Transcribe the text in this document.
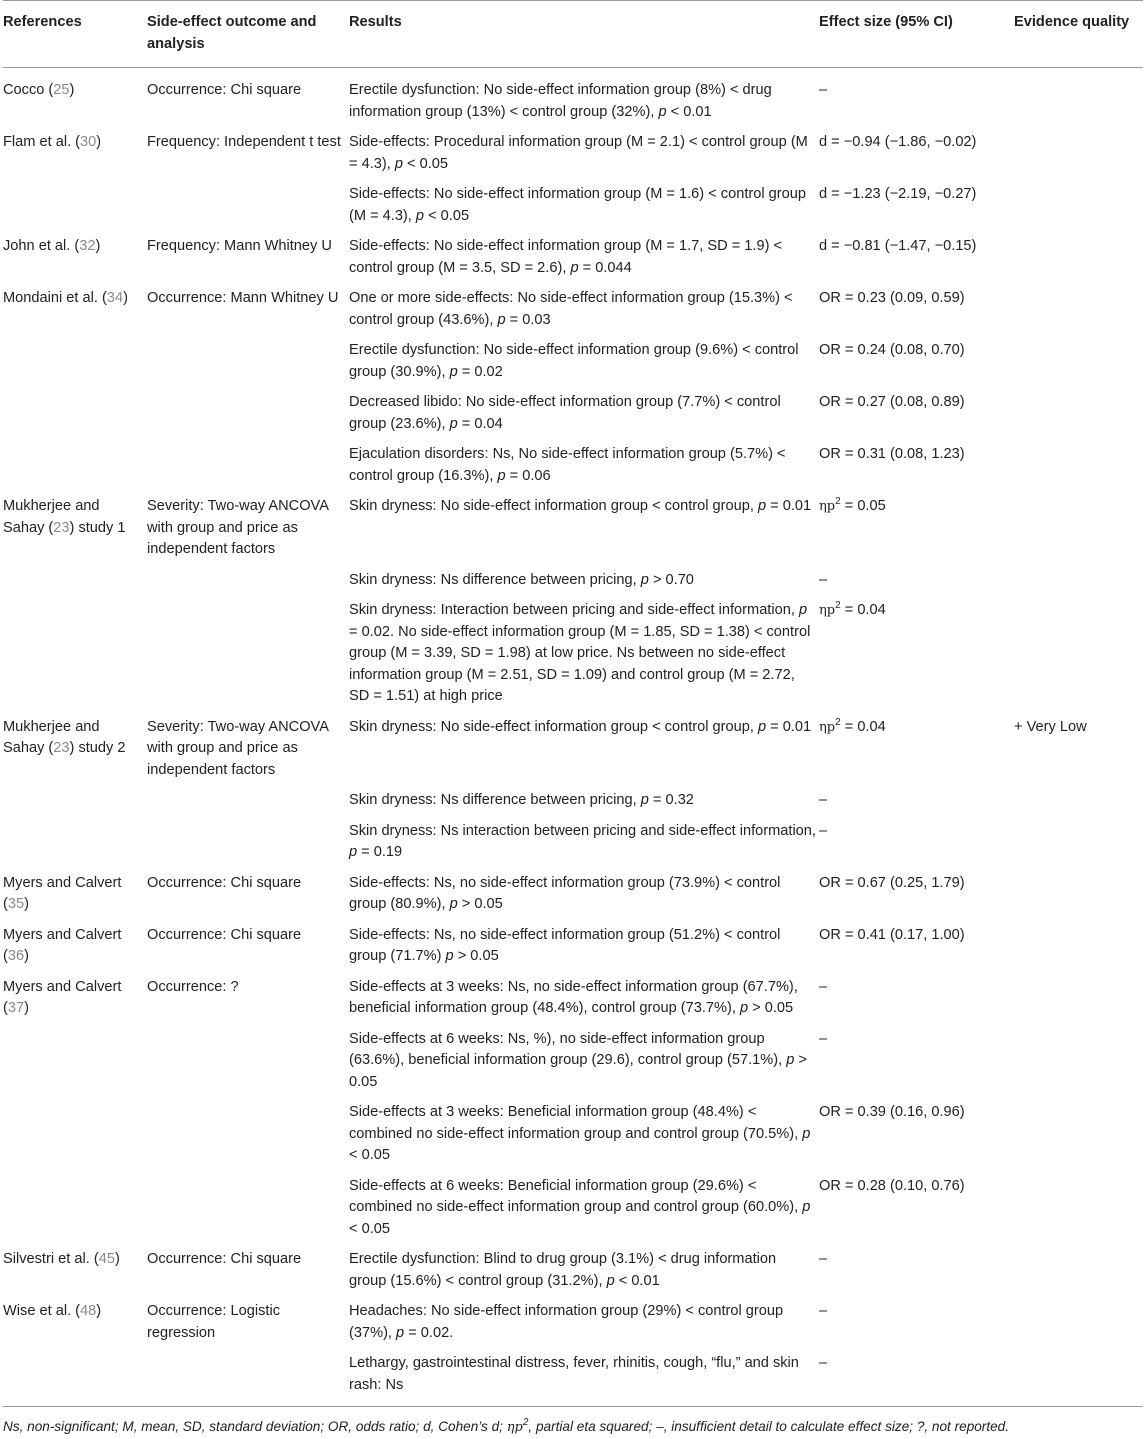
References	Side-effect outcome and analysis	Results	Effect size (95% CI)	Evidence quality
Cocco (25)	Occurrence: Chi square	Erectile dysfunction: No side-effect information group (8%) < drug information group (13%) < control group (32%), p < 0.01	–	
Flam et al. (30)	Frequency: Independent t test	Side-effects: Procedural information group (M = 2.1) < control group (M = 4.3), p < 0.05	d = −0.94 (−1.86, −0.02)	
		Side-effects: No side-effect information group (M = 1.6) < control group (M = 4.3), p < 0.05	d = −1.23 (−2.19, −0.27)	
John et al. (32)	Frequency: Mann Whitney U	Side-effects: No side-effect information group (M = 1.7, SD = 1.9) < control group (M = 3.5, SD = 2.6), p = 0.044	d = −0.81 (−1.47, −0.15)	
Mondaini et al. (34)	Occurrence: Mann Whitney U	One or more side-effects: No side-effect information group (15.3%) < control group (43.6%), p = 0.03	OR = 0.23 (0.09, 0.59)	
		Erectile dysfunction: No side-effect information group (9.6%) < control group (30.9%), p = 0.02	OR = 0.24 (0.08, 0.70)	
		Decreased libido: No side-effect information group (7.7%) < control group (23.6%), p = 0.04	OR = 0.27 (0.08, 0.89)	
		Ejaculation disorders: Ns, No side-effect information group (5.7%) < control group (16.3%), p = 0.06	OR = 0.31 (0.08, 1.23)	
Mukherjee and Sahay (23) study 1	Severity: Two-way ANCOVA with group and price as independent factors	Skin dryness: No side-effect information group < control group, p = 0.01	$\eta p^2 = 0.05$	
		Skin dryness: Ns difference between pricing, p > 0.70	–	
		Skin dryness: Interaction between pricing and side-effect information, p = 0.02. No side-effect information group (M = 1.85, SD = 1.38) < control group (M = 3.39, SD = 1.98) at low price. Ns between no side-effect information group (M = 2.51, SD = 1.09) and control group (M = 2.72, SD = 1.51) at high price	$\eta p^2 = 0.04$	
Mukherjee and Sahay (23) study 2	Severity: Two-way ANCOVA with group and price as independent factors	Skin dryness: No side-effect information group < control group, p = 0.01	$\eta p^2 = 0.04$	+ Very Low
		Skin dryness: Ns difference between pricing, p = 0.32	–	
		Skin dryness: Ns interaction between pricing and side-effect information, p = 0.19	–	
Myers and Calvert (35)	Occurrence: Chi square	Side-effects: Ns, no side-effect information group (73.9%) < control group (80.9%), p > 0.05	OR = 0.67 (0.25, 1.79)	
Myers and Calvert (36)	Occurrence: Chi square	Side-effects: Ns, no side-effect information group (51.2%) < control group (71.7%) p > 0.05	OR = 0.41 (0.17, 1.00)	
Myers and Calvert (37)	Occurrence: ?	Side-effects at 3 weeks: Ns, no side-effect information group (67.7%), beneficial information group (48.4%), control group (73.7%), p > 0.05	–	
		Side-effects at 6 weeks: Ns, %), no side-effect information group (63.6%), beneficial information group (29.6), control group (57.1%), p > 0.05	–	
		Side-effects at 3 weeks: Beneficial information group (48.4%) < combined no side-effect information group and control group (70.5%), p < 0.05	OR = 0.39 (0.16, 0.96)	
		Side-effects at 6 weeks: Beneficial information group (29.6%) < combined no side-effect information group and control group (60.0%), p < 0.05	OR = 0.28 (0.10, 0.76)	
Silvestri et al. (45)	Occurrence: Chi square	Erectile dysfunction: Blind to drug group (3.1%) < drug information group (15.6%) < control group (31.2%), p < 0.01	–	
Wise et al. (48)	Occurrence: Logistic regression	Headaches: No side-effect information group (29%) < control group (37%), p = 0.02.	–	
		Lethargy, gastrointestinal distress, fever, rhinitis, cough, “flu,” and skin rash: Ns	–	
Ns, non-significant; M, mean, SD, standard deviation; OR, odds ratio; d, Cohen’s d; $\eta p^2$, partial eta squared; –, insufficient detail to calculate effect size; ?, not reported.
